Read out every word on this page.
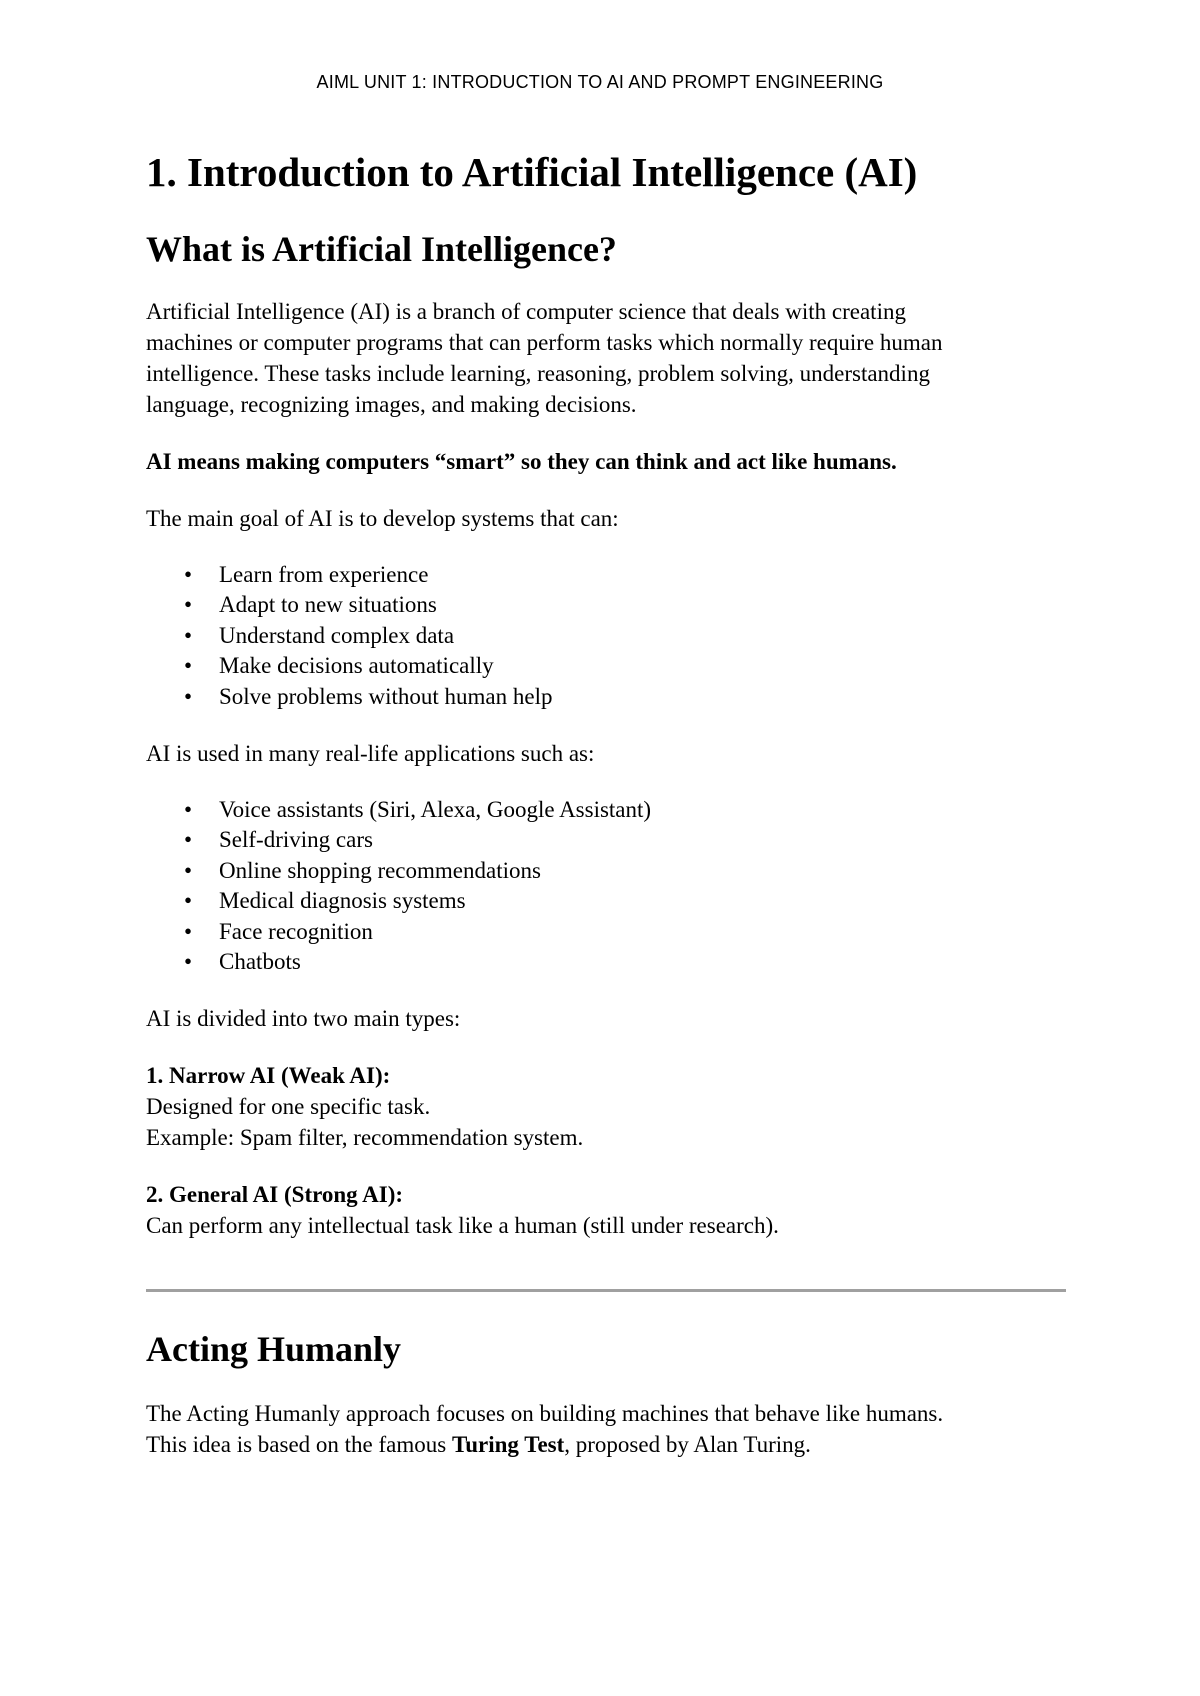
AIML UNIT 1: INTRODUCTION TO AI AND PROMPT ENGINEERING
1. Introduction to Artificial Intelligence (AI)
What is Artificial Intelligence?

Artificial Intelligence (AI) is a branch of computer science that deals with creating
machines or computer programs that can perform tasks which normally require human
intelligence. These tasks include learning, reasoning, problem solving, understanding
language, recognizing images, and making decisions.

AI means making computers “smart” so they can think and act like humans.

The main goal of AI is to develop systems that can:

• Learn from experience
• Adapt to new situations
• Understand complex data
• Make decisions automatically
• Solve problems without human help

AI is used in many real-life applications such as:

• Voice assistants (Siri, Alexa, Google Assistant)
• Self-driving cars
• Online shopping recommendations
• Medical diagnosis systems
• Face recognition
• Chatbots

AI is divided into two main types:

1. Narrow AI (Weak AI):
Designed for one specific task.
Example: Spam filter, recommendation system.

2. General AI (Strong AI):
Can perform any intellectual task like a human (still under research).

Acting Humanly

The Acting Humanly approach focuses on building machines that behave like humans.
This idea is based on the famous Turing Test, proposed by Alan Turing.
